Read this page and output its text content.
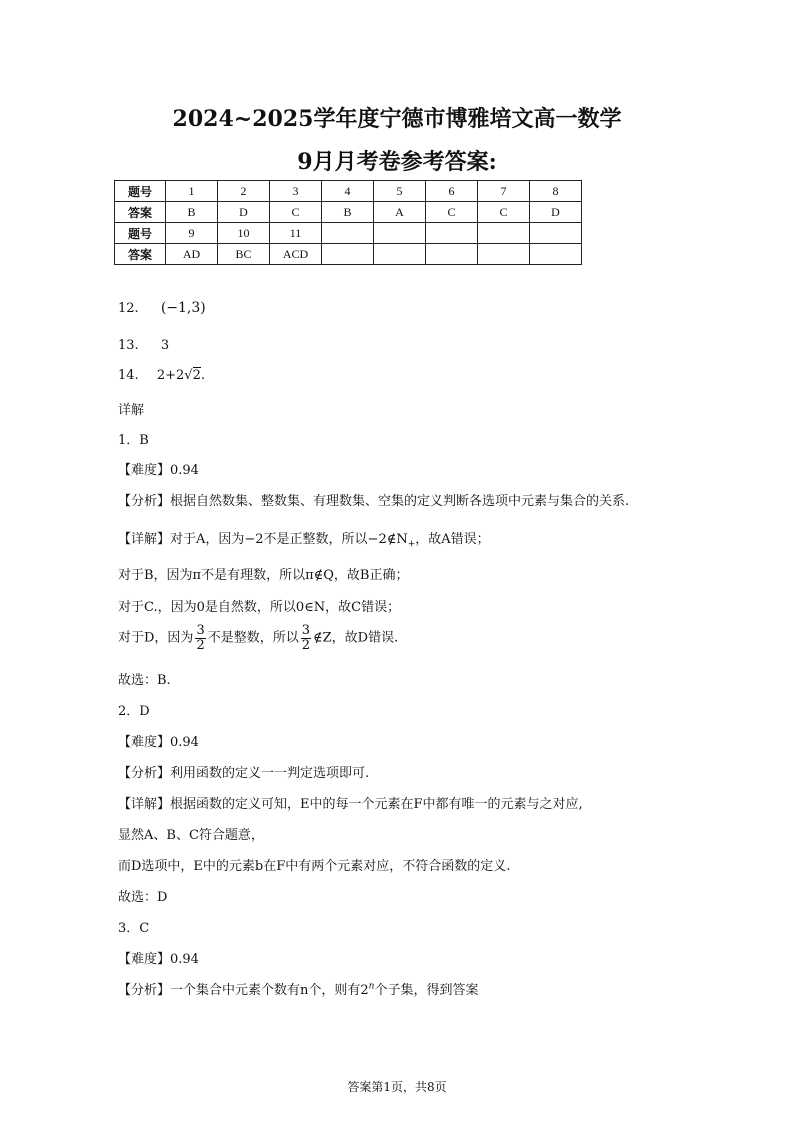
2024~2025学年度宁德市博雅培文高一数学
9月月考卷参考答案:
题号	1	2	3	4	5	6	7	8
答案	B	D	C	B	A	C	C	D
题号	9	10	11					
答案	AD	BC	ACD					
12. (−1,3)
13. 3
14. 2+2√2.
详解
1．B
【难度】0.94
【分析】根据自然数集、整数集、有理数集、空集的定义判断各选项中元素与集合的关系.
【详解】对于A，因为−2不是正整数，所以$-2\notin N_+$，故A错误；
对于B，因为π不是有理数，所以π∉Q，故B正确；
对于C.，因为0是自然数，所以0∈N，故C错误；
对于D，因为 $\frac{3}{2}$ 不是整数，所以 $\frac{3}{2}$ ∉Z，故D错误.
故选：B.
2．D
【难度】0.94
【分析】利用函数的定义一一判定选项即可.
【详解】根据函数的定义可知，E中的每一个元素在F中都有唯一的元素与之对应,
显然A、B、C符合题意，
而D选项中，E中的元素b在F中有两个元素对应，不符合函数的定义.
故选：D
3．C
【难度】0.94
【分析】一个集合中元素个数有n个，则有2$^n$个子集，得到答案
答案第1页，共8页
